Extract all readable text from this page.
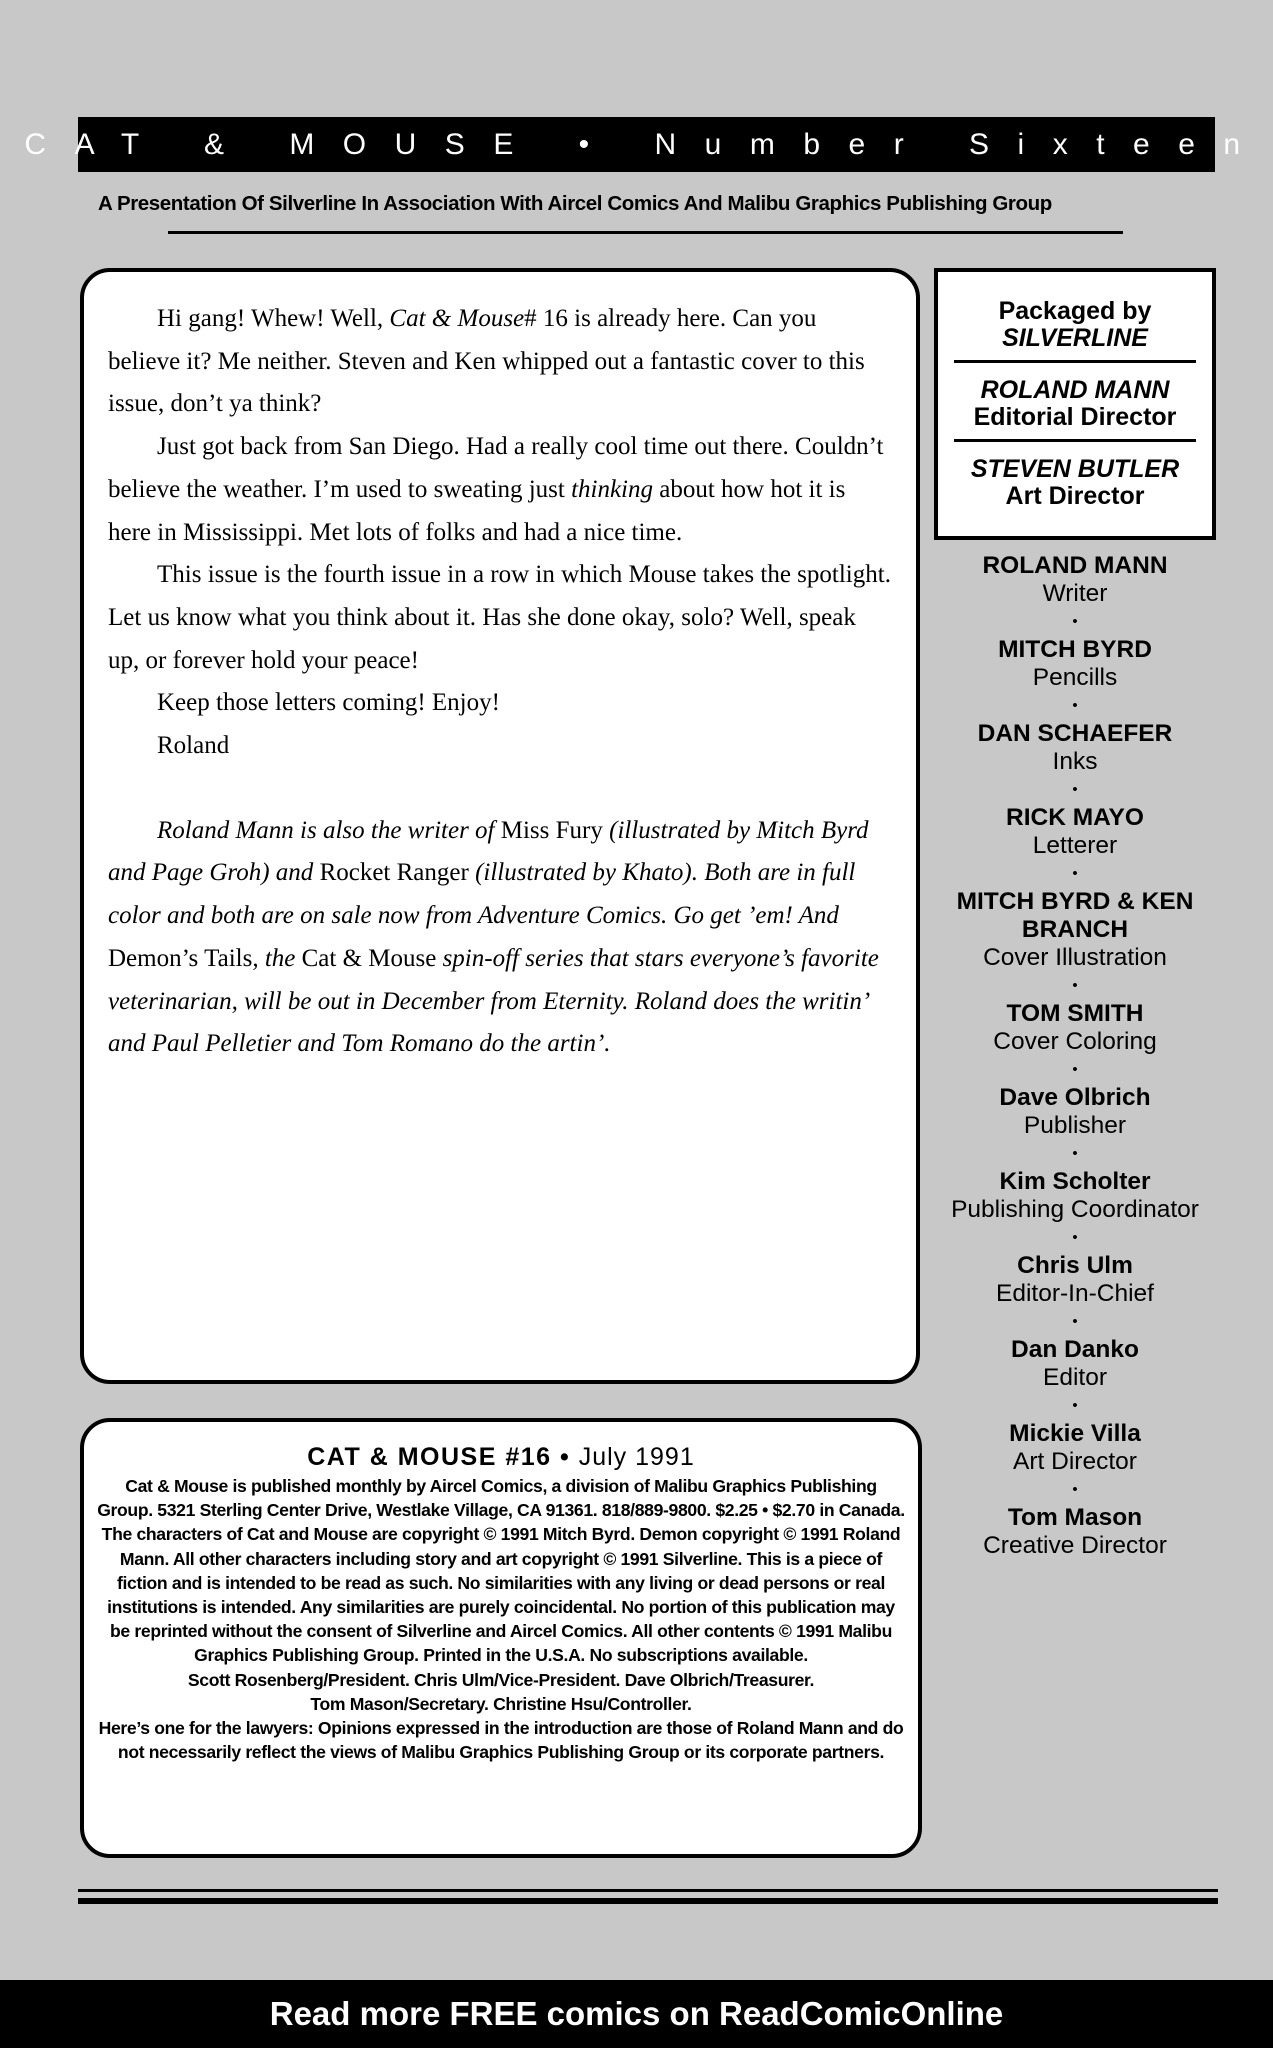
CAT & MOUSE • Number Sixteen
A Presentation Of Silverline In Association With Aircel Comics And Malibu Graphics Publishing Group

Hi gang! Whew! Well, Cat & Mouse# 16 is already here. Can you believe it? Me neither. Steven and Ken whipped out a fantastic cover to this issue, don’t ya think?

Just got back from San Diego. Had a really cool time out there. Couldn’t believe the weather. I’m used to sweating just thinking about how hot it is here in Mississippi. Met lots of folks and had a nice time.

This issue is the fourth issue in a row in which Mouse takes the spotlight. Let us know what you think about it. Has she done okay, solo? Well, speak up, or forever hold your peace!

Keep those letters coming! Enjoy!

Roland

Roland Mann is also the writer of Miss Fury (illustrated by Mitch Byrd and Page Groh) and Rocket Ranger (illustrated by Khato). Both are in full color and both are on sale now from Adventure Comics. Go get ’em! And Demon’s Tails, the Cat & Mouse spin-off series that stars everyone’s favorite veterinarian, will be out in December from Eternity. Roland does the writin’ and Paul Pelletier and Tom Romano do the artin’.

CAT & MOUSE #16 • July 1991
Cat & Mouse is published monthly by Aircel Comics, a division of Malibu Graphics Publishing Group. 5321 Sterling Center Drive, Westlake Village, CA 91361. 818/889-9800. $2.25 • $2.70 in Canada. The characters of Cat and Mouse are copyright © 1991 Mitch Byrd. Demon copyright © 1991 Roland Mann. All other characters including story and art copyright © 1991 Silverline. This is a piece of fiction and is intended to be read as such. No similarities with any living or dead persons or real institutions is intended. Any similarities are purely coincidental. No portion of this publication may be reprinted without the consent of Silverline and Aircel Comics. All other contents © 1991 Malibu Graphics Publishing Group. Printed in the U.S.A. No subscriptions available.
Scott Rosenberg/President. Chris Ulm/Vice-President. Dave Olbrich/Treasurer.
Tom Mason/Secretary. Christine Hsu/Controller.
Here’s one for the lawyers: Opinions expressed in the introduction are those of Roland Mann and do not necessarily reflect the views of Malibu Graphics Publishing Group or its corporate partners.
Packaged by
SILVERLINE
ROLAND MANN
Editorial Director
STEVEN BUTLER
Art Director
ROLAND MANN
Writer
•
MITCH BYRD
Pencills
•
DAN SCHAEFER
Inks
•
RICK MAYO
Letterer
•
MITCH BYRD & KEN BRANCH
Cover Illustration
•
TOM SMITH
Cover Coloring
•
Dave Olbrich
Publisher
•
Kim Scholter
Publishing Coordinator
•
Chris Ulm
Editor-In-Chief
•
Dan Danko
Editor
•
Mickie Villa
Art Director
•
Tom Mason
Creative Director
Read more FREE comics on ReadComicOnline
